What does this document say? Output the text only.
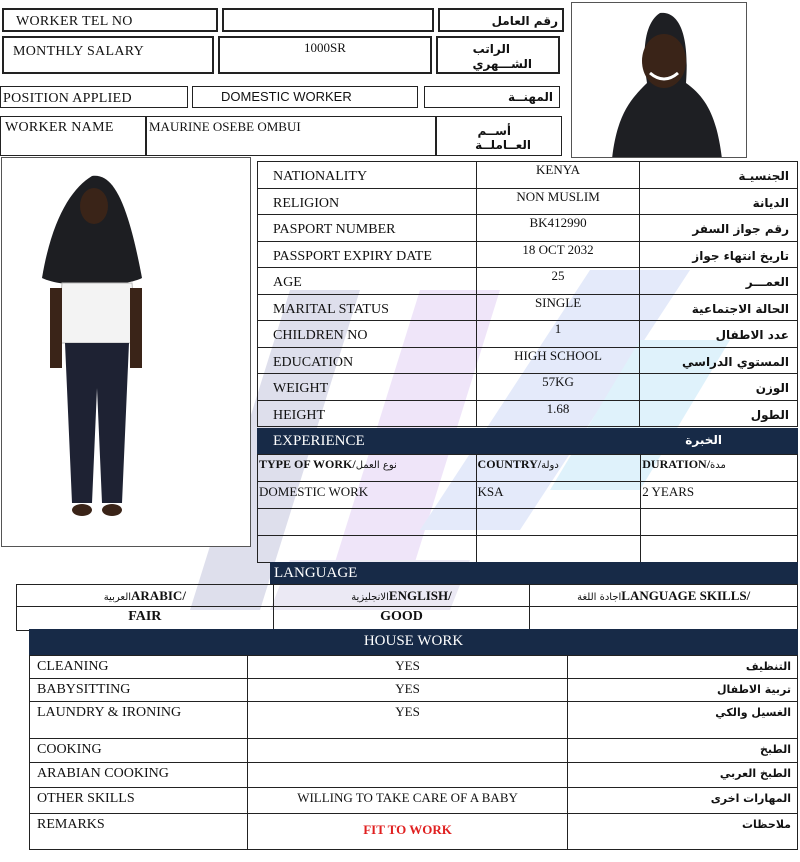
WORKER TEL NO	رقم العامل
MONTHLY SALARY	1000SR	الراتب
الشـــهري
POSITION APPLIED	DOMESTIC WORKER	المهنــة
WORKER NAME	MAURINE OSEBE OMBUI	أســم
العــاملــة
NATIONALITY	KENYA	الجنسيـة
RELIGION	NON MUSLIM	الديانة
PASPORT NUMBER	BK412990	رقم جواز السفر
PASSPORT EXPIRY DATE	18 OCT 2032	تاريخ انتهاء جواز
AGE	25	العمـــر
MARITAL STATUS	SINGLE	الحالة الاجتماعية
CHILDREN NO	1	عدد الاطفال
EDUCATION	HIGH SCHOOL	المستوي الدراسي
WEIGHT	57KG	الوزن
HEIGHT	1.68	الطول
EXPERIENCE	الخبرة
TYPE OF WORK/نوع العمل	COUNTRY/دولة	DURATION/مدة
DOMESTIC WORK	KSA	2 YEARS

LANGUAGE
العربيةARABIC/	الانجليزيةENGLISH/	اجادة اللغةLANGUAGE SKILLS/
FAIR	GOOD	
HOUSE WORK
CLEANING	YES	التنظيف
BABYSITTING	YES	تربية الاطفال
LAUNDRY & IRONING	YES	الغسيل والكي
COOKING		الطبخ
ARABIAN COOKING		الطبخ العربي
OTHER SKILLS	WILLING TO TAKE CARE OF A BABY	المهارات اخرى
REMARKS	FIT TO WORK	ملاحظات
